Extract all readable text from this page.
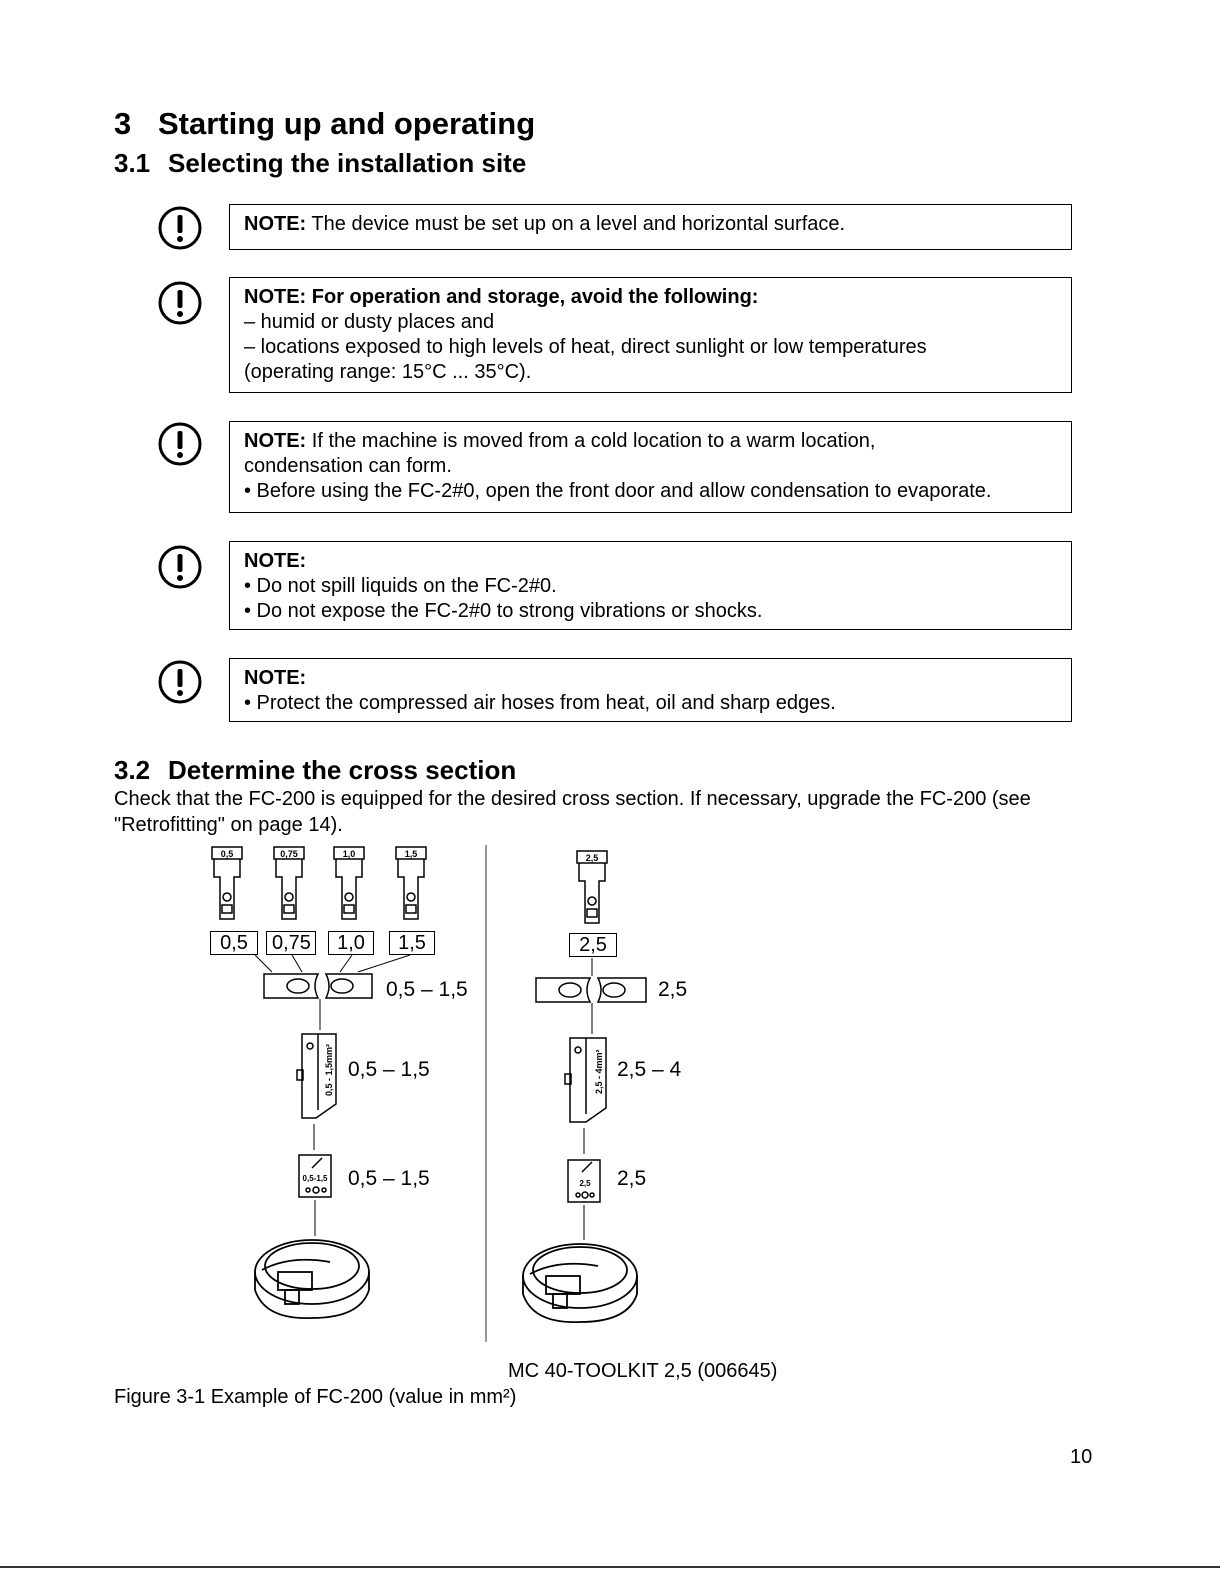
3 Starting up and operating
3.1 Selecting the installation site
NOTE: The device must be set up on a level and horizontal surface.
NOTE: For operation and storage, avoid the following:
– humid or dusty places and
– locations exposed to high levels of heat, direct sunlight or low temperatures
(operating range: 15°C ... 35°C).
NOTE: If the machine is moved from a cold location to a warm location,
condensation can form.
• Before using the FC-2#0, open the front door and allow condensation to evaporate.
NOTE:
• Do not spill liquids on the FC-2#0.
• Do not expose the FC-2#0 to strong vibrations or shocks.
NOTE:
• Protect the compressed air hoses from heat, oil and sharp edges.
3.2 Determine the cross section
Check that the FC-200 is equipped for the desired cross section. If necessary, upgrade the FC-200 (see "Retrofitting" on page 14).
0,5	0,75	1,0	1,5
0,5 - 1,5mm²
0,5-1,5
2,5
2,5 - 4mm²
2,5
0,5	0,75	1,0	1,5
0,5 – 1,5
0,5 – 1,5
0,5 – 1,5
2,5
2,5
2,5 – 4
2,5
MC 40-TOOLKIT 2,5 (006645)
Figure 3-1 Example of FC-200 (value in mm²)
10
